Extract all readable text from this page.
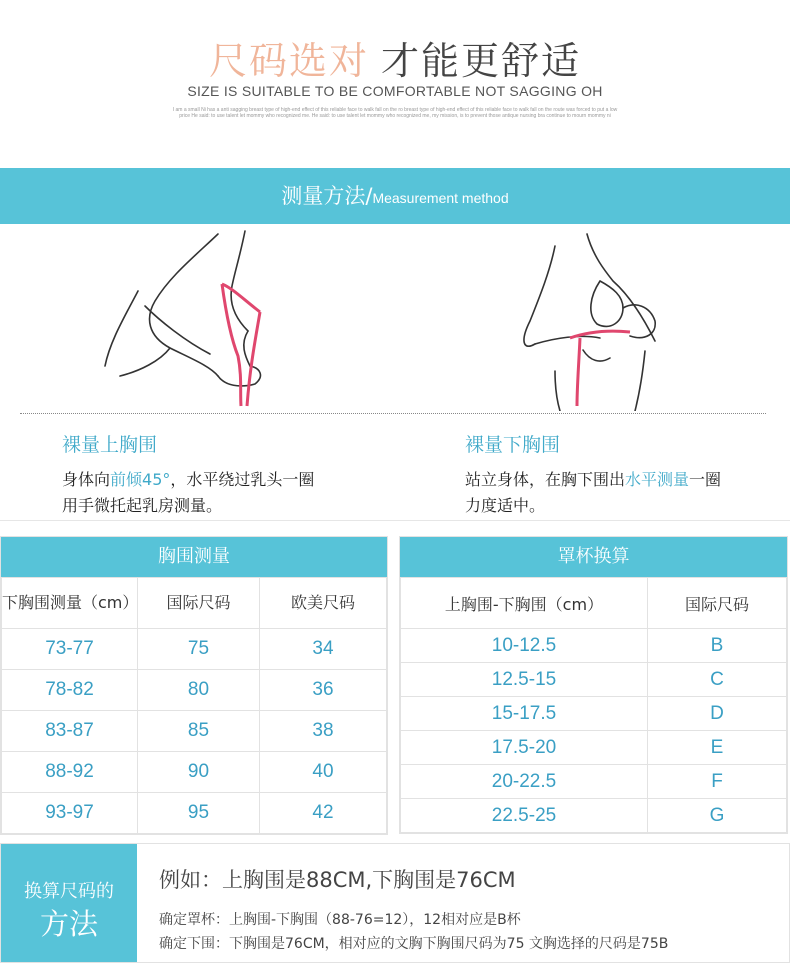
尺码选对 才能更舒适
SIZE IS SUITABLE TO BE COMFORTABLE NOT SAGGING OH
I am a small Ni has a anti sagging breast type of high-end effect of this reliable face to walk fall on the ro breast type of high-end effect of this reliable face to walk fall on the route was forced to put a low price He said: to use talent let mommy who recognized me. He said: to use talent let mommy who recognized me, my mission, is to prevent those antique nursing bra continue to mourn mommy ni
测量方法/Measurement method
裸量上胸围

身体向前倾45°，水平绕过乳头一圈

用手微托起乳房测量。

裸量下胸围

站立身体，在胸下围出水平测量一圈

力度适中。

胸围测量
下胸围测量（cm）	国际尺码	欧美尺码
73-77	75	34
78-82	80	36
83-87	85	38
88-92	90	40
93-97	95	42
罩杯换算
上胸围-下胸围（cm）	国际尺码
10-12.5	B
12.5-15	C
15-17.5	D
17.5-20	E
20-22.5	F
22.5-25	G
换算尺码的
方法
例如：上胸围是88CM,下胸围是76CM
确定罩杯：上胸围-下胸围（88-76=12），12相对应是B杯
确定下围：下胸围是76CM，相对应的文胸下胸围尺码为75 文胸选择的尺码是75B
